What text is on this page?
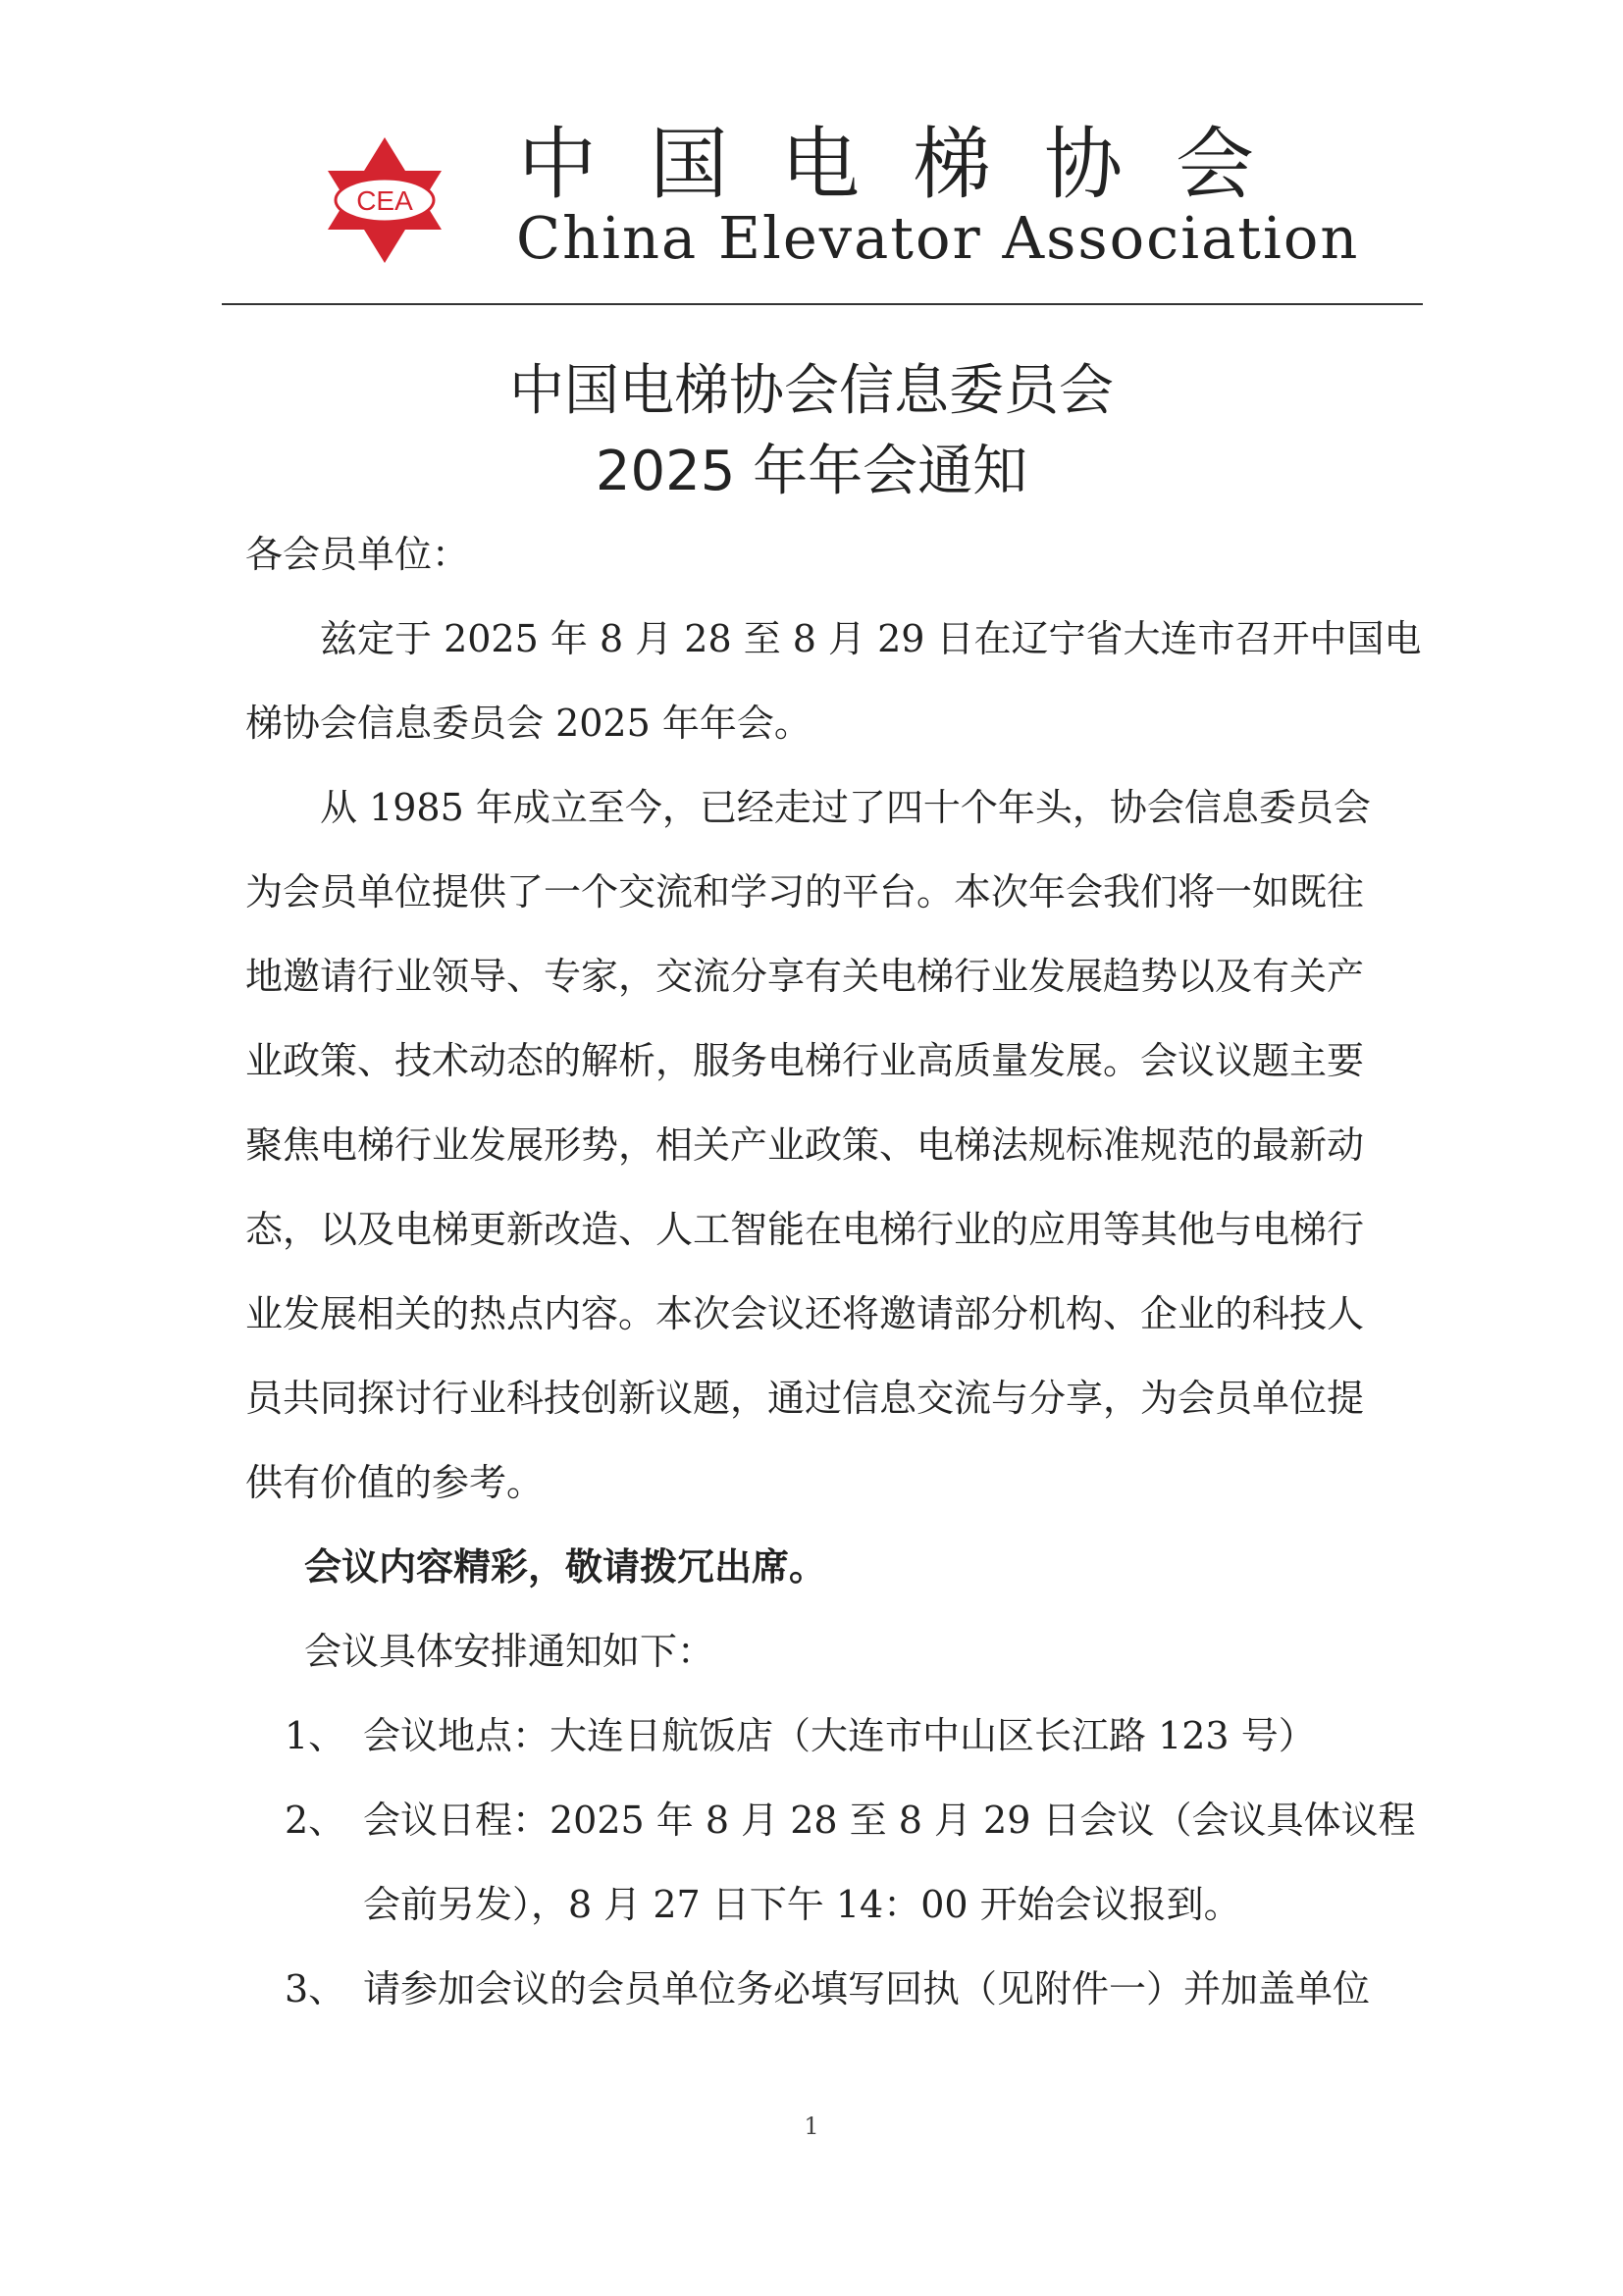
CEA 中国电梯协会
China Elevator Association
中国电梯协会信息委员会
2025 年年会通知
各会员单位：
　　兹定于 2025 年 8 月 28 至 8 月 29 日在辽宁省大连市召开中国电
梯协会信息委员会 2025 年年会。
　　从 1985 年成立至今，已经走过了四十个年头，协会信息委员会
为会员单位提供了一个交流和学习的平台。本次年会我们将一如既往
地邀请行业领导、专家，交流分享有关电梯行业发展趋势以及有关产
业政策、技术动态的解析，服务电梯行业高质量发展。会议议题主要
聚焦电梯行业发展形势，相关产业政策、电梯法规标准规范的最新动
态，以及电梯更新改造、人工智能在电梯行业的应用等其他与电梯行
业发展相关的热点内容。本次会议还将邀请部分机构、企业的科技人
员共同探讨行业科技创新议题，通过信息交流与分享，为会员单位提
供有价值的参考。
会议内容精彩，敬请拨冗出席。
会议具体安排通知如下：
1、 会议地点：大连日航饭店（大连市中山区长江路 123 号）
2、 会议日程：2025 年 8 月 28 至 8 月 29 日会议（会议具体议程
会前另发），8 月 27 日下午 14：00 开始会议报到。
3、 请参加会议的会员单位务必填写回执（见附件一）并加盖单位
1
